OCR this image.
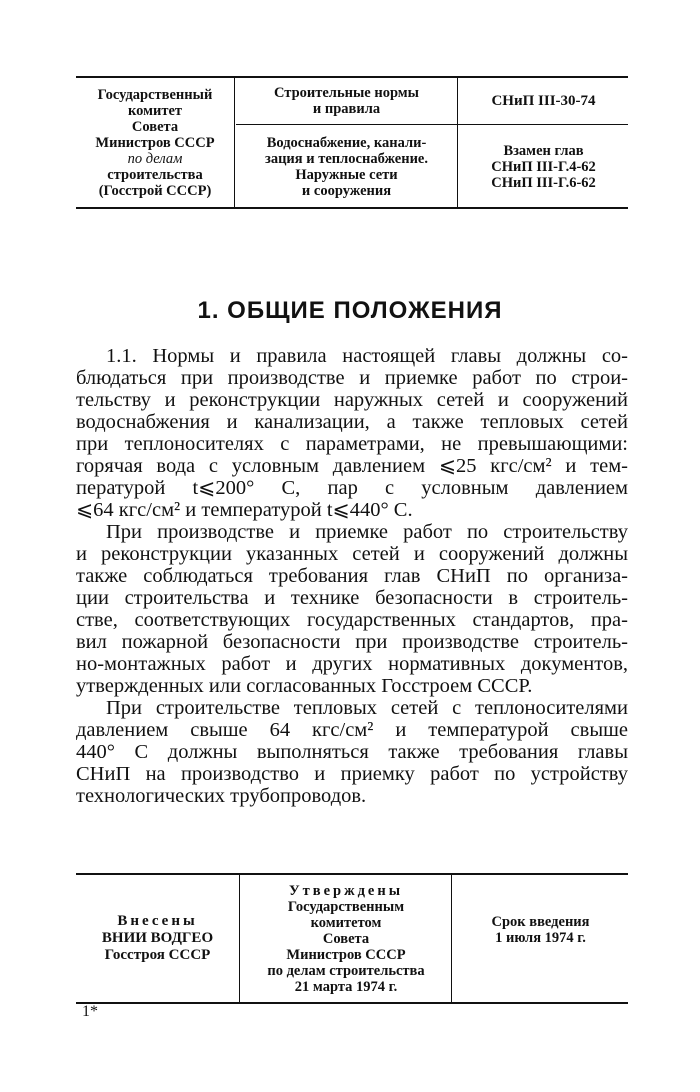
Государственный
комитет
Совета
Министров СССР
по делам
строительства
(Госстрой СССР)
Строительные нормы
и правила
Водоснабжение, канали-
зация и теплоснабжение.
Наружные сети
и сооружения
СНиП III-30-74
Взамен глав
СНиП III-Г.4-62
СНиП III-Г.6-62
1. ОБЩИЕ ПОЛОЖЕНИЯ
1.1. Нормы и правила настоящей главы должны со-
блюдаться при производстве и приемке работ по строи-
тельству и реконструкции наружных сетей и сооружений
водоснабжения и канализации, а также тепловых сетей
при теплоносителях с параметрами, не превышающими:
горячая вода с условным давлением ⩽25 кгс/см² и тем-
пературой t⩽200° С, пар с условным давлением
⩽64 кгс/см² и температурой t⩽440° С.
При производстве и приемке работ по строительству
и реконструкции указанных сетей и сооружений должны
также соблюдаться требования глав СНиП по организа-
ции строительства и технике безопасности в строитель-
стве, соответствующих государственных стандартов, пра-
вил пожарной безопасности при производстве строитель-
но-монтажных работ и других нормативных документов,
утвержденных или согласованных Госстроем СССР.
При строительстве тепловых сетей с теплоносителями
давлением свыше 64 кгс/см² и температурой свыше
440° С должны выполняться также требования главы
СНиП на производство и приемку работ по устройству
технологических трубопроводов.
Внесены
ВНИИ ВОДГЕО
Госстроя СССР
Утверждены
Государственным
комитетом
Совета
Министров СССР
по делам строительства
21 марта 1974 г.
Срок введения
1 июля 1974 г.
1*
